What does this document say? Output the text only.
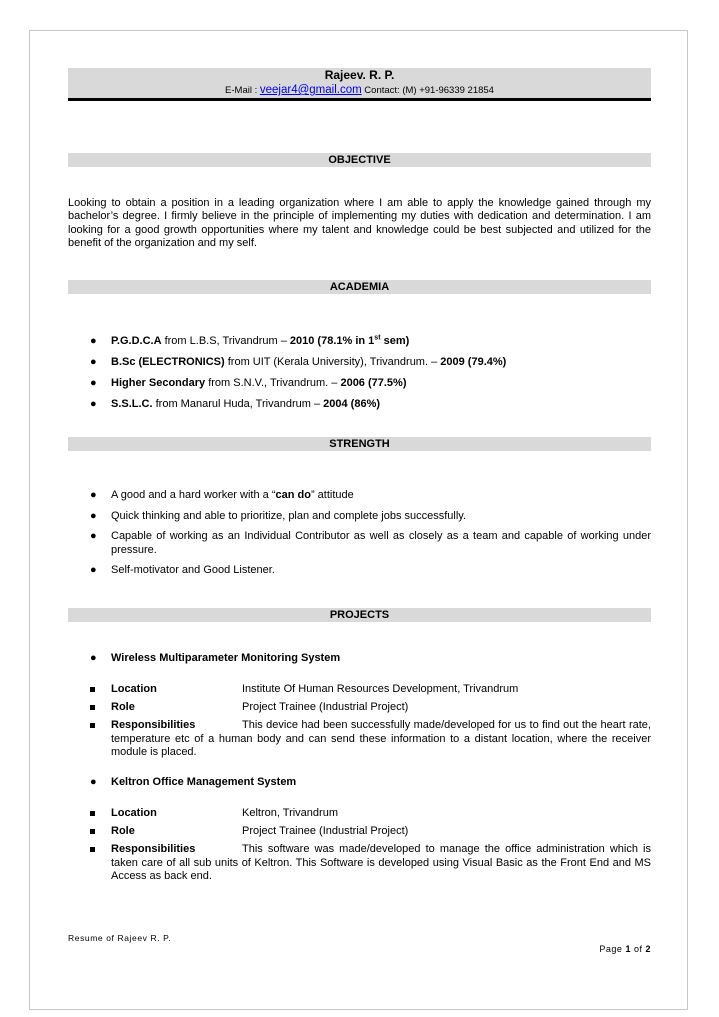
Rajeev. R. P.
E-Mail : veejar4@gmail.com Contact: (M) +91-96339 21854
OBJECTIVE
Looking to obtain a position in a leading organization where I am able to apply the knowledge gained through my bachelor’s degree. I firmly believe in the principle of implementing my duties with dedication and determination. I am looking for a good growth opportunities where my talent and knowledge could be best subjected and utilized for the benefit of the organization and my self.
ACADEMIA
● P.G.D.C.A from L.B.S, Trivandrum – 2010 (78.1% in 1st sem)
● B.Sc (ELECTRONICS) from UIT (Kerala University), Trivandrum. – 2009 (79.4%)
● Higher Secondary from S.N.V., Trivandrum. – 2006 (77.5%)
● S.S.L.C. from Manarul Huda, Trivandrum – 2004 (86%)
STRENGTH
● A good and a hard worker with a “can do” attitude
● Quick thinking and able to prioritize, plan and complete jobs successfully.
● Capable of working as an Individual Contributor as well as closely as a team and capable of working under pressure.
● Self-motivator and Good Listener.
PROJECTS
● Wireless Multiparameter Monitoring System
Location	Institute Of Human Resources Development, Trivandrum
Role	Project Trainee (Industrial Project)
Responsibilities	This device had been successfully made/developed for us to find out the heart rate, temperature etc of a human body and can send these information to a distant location, where the receiver module is placed.
● Keltron Office Management System
Location	Keltron, Trivandrum
Role	Project Trainee (Industrial Project)
Responsibilities	This software was made/developed to manage the office administration which is taken care of all sub units of Keltron. This Software is developed using Visual Basic as the Front End and MS Access as back end.
Resume of Rajeev R. P.
Page 1 of 2
